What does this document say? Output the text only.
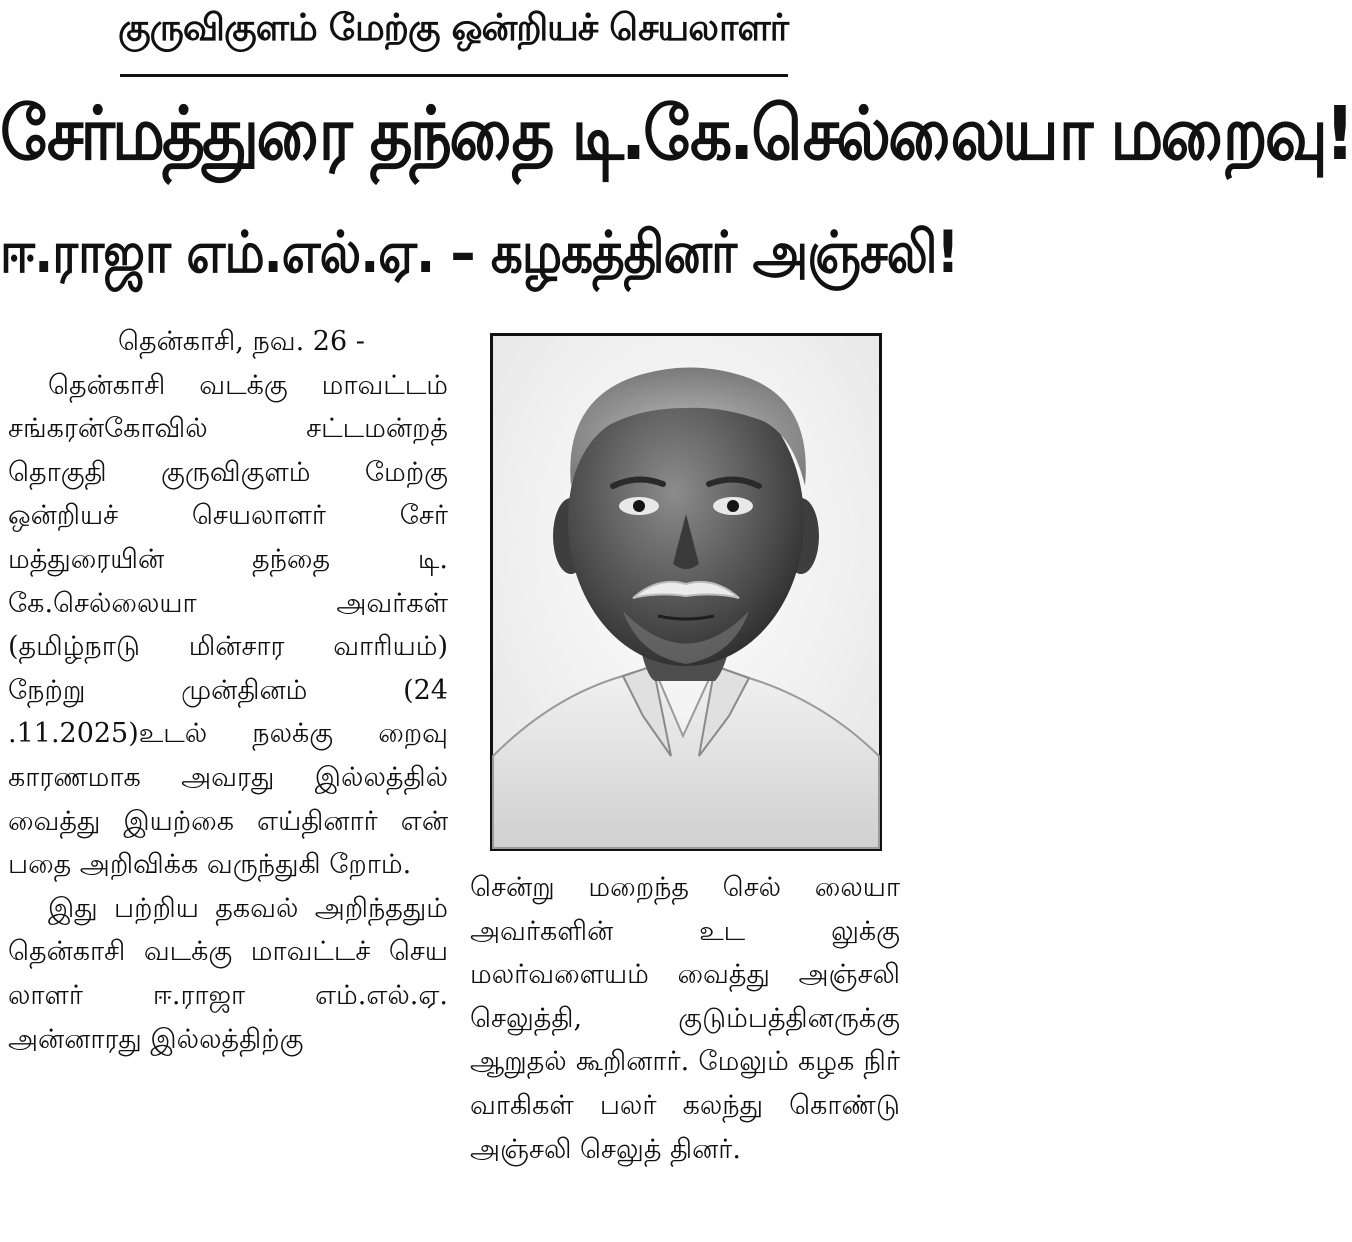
குருவிகுளம் மேற்கு ஒன்றியச் செயலாளர்
சேர்மத்துரை தந்தை டி.கே.செல்லையா மறைவு!
ஈ.ராஜா எம்.எல்.ஏ. – கழகத்தினர் அஞ்சலி!

தென்காசி, நவ. 26 -

தென்காசி வடக்கு மாவட்டம் சங்கரன்கோவில் சட்டமன்றத் தொகுதி குருவிகுளம் மேற்கு ஒன்றியச் செயலாளர் சேர் மத்துரையின் தந்தை டி. கே.செல்லையா அவர்கள் (தமிழ்நாடு மின்சார வாரியம்) நேற்று முன்தினம் (24 .11.2025)உடல் நலக்கு றைவு காரணமாக அவரது இல்லத்தில் வைத்து இயற்கை எய்தினார் என் பதை அறிவிக்க வருந்துகி றோம்.

இது பற்றிய தகவல் அறிந்ததும் தென்காசி வடக்கு மாவட்டச் செய லாளர் ஈ.ராஜா எம்.எல்.ஏ. அன்னாரது இல்லத்திற்கு

சென்று மறைந்த செல் லையா அவர்களின் உட லுக்கு மலர்வளையம் வைத்து அஞ்சலி செலுத்தி, குடும்பத்தினருக்கு ஆறுதல் கூறினார். மேலும் கழக நிர் வாகிகள் பலர் கலந்து கொண்டு அஞ்சலி செலுத் தினர்.
